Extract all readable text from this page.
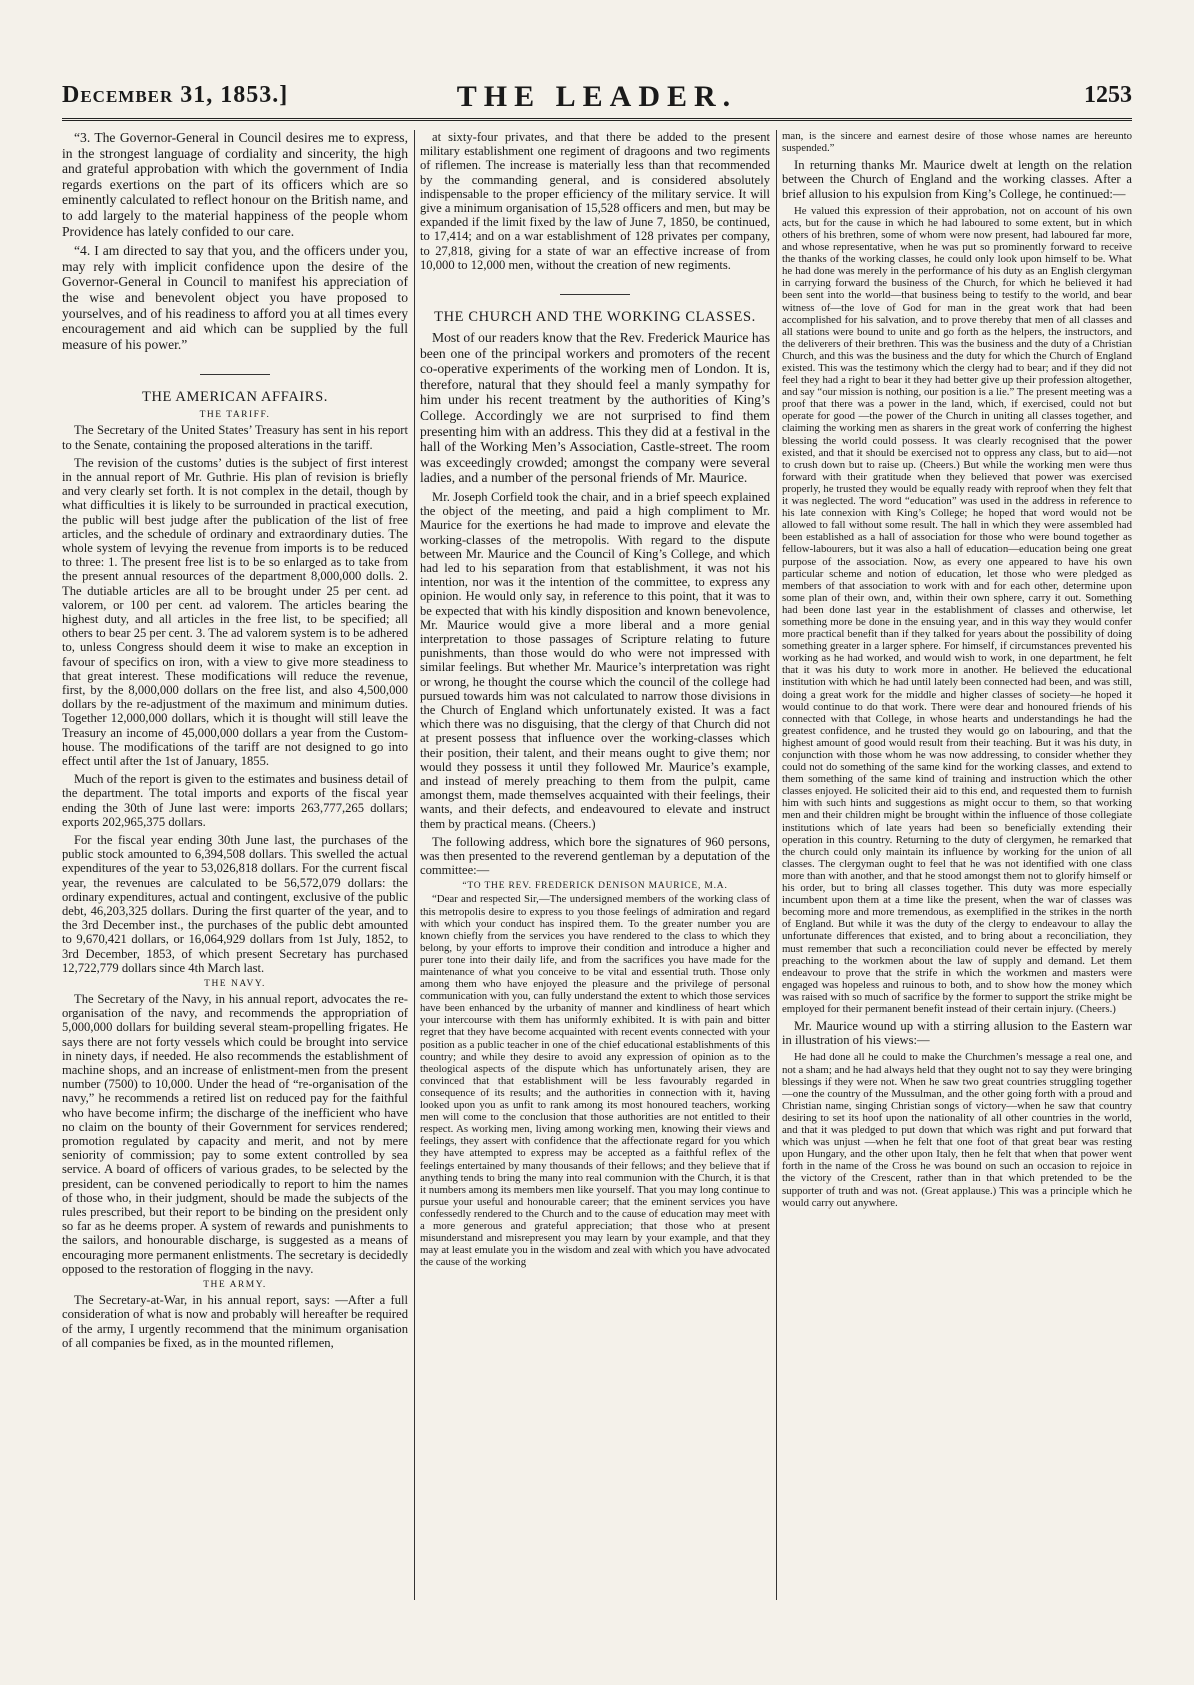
December 31, 1853.]	THE LEADER.	1253

“3. The Governor-General in Council desires me to express, in the strongest language of cordiality and sincerity, the high and grateful approbation with which the government of India regards exertions on the part of its officers which are so eminently calculated to reflect honour on the British name, and to add largely to the material happiness of the people whom Providence has lately confided to our care.

“4. I am directed to say that you, and the officers under you, may rely with implicit confidence upon the desire of the Governor-General in Council to manifest his appreciation of the wise and benevolent object you have proposed to yourselves, and of his readiness to afford you at all times every encouragement and aid which can be supplied by the full measure of his power.”

THE AMERICAN AFFAIRS.
THE TARIFF.

The Secretary of the United States’ Treasury has sent in his report to the Senate, containing the proposed alterations in the tariff.

The revision of the customs’ duties is the subject of first interest in the annual report of Mr. Guthrie. His plan of revision is briefly and very clearly set forth. It is not complex in the detail, though by what difficulties it is likely to be surrounded in practical execution, the public will best judge after the publication of the list of free articles, and the schedule of ordinary and extraordinary duties. The whole system of levying the revenue from imports is to be reduced to three: 1. The present free list is to be so enlarged as to take from the present annual resources of the department 8,000,000 dolls. 2. The dutiable articles are all to be brought under 25 per cent. ad valorem, or 100 per cent. ad valorem. The articles bearing the highest duty, and all articles in the free list, to be specified; all others to bear 25 per cent. 3. The ad valorem system is to be adhered to, unless Congress should deem it wise to make an exception in favour of specifics on iron, with a view to give more steadiness to that great interest. These modifications will reduce the revenue, first, by the 8,000,000 dollars on the free list, and also 4,500,000 dollars by the re-adjustment of the maximum and minimum duties. Together 12,000,000 dollars, which it is thought will still leave the Treasury an income of 45,000,000 dollars a year from the Custom-house. The modifications of the tariff are not designed to go into effect until after the 1st of January, 1855.

Much of the report is given to the estimates and business detail of the department. The total imports and exports of the fiscal year ending the 30th of June last were: imports 263,777,265 dollars; exports 202,965,375 dollars.

For the fiscal year ending 30th June last, the purchases of the public stock amounted to 6,394,508 dollars. This swelled the actual expenditures of the year to 53,026,818 dollars. For the current fiscal year, the revenues are calculated to be 56,572,079 dollars: the ordinary expenditures, actual and contingent, exclusive of the public debt, 46,203,325 dollars. During the first quarter of the year, and to the 3rd December inst., the purchases of the public debt amounted to 9,670,421 dollars, or 16,064,929 dollars from 1st July, 1852, to 3rd December, 1853, of which present Secretary has purchased 12,722,779 dollars since 4th March last.

THE NAVY.

The Secretary of the Navy, in his annual report, advocates the re-organisation of the navy, and recommends the appropriation of 5,000,000 dollars for building several steam-propelling frigates. He says there are not forty vessels which could be brought into service in ninety days, if needed. He also recommends the establishment of machine shops, and an increase of enlistment-men from the present number (7500) to 10,000. Under the head of “re-organisation of the navy,” he recommends a retired list on reduced pay for the faithful who have become infirm; the discharge of the inefficient who have no claim on the bounty of their Government for services rendered; promotion regulated by capacity and merit, and not by mere seniority of commission; pay to some extent controlled by sea service. A board of officers of various grades, to be selected by the president, can be convened periodically to report to him the names of those who, in their judgment, should be made the subjects of the rules prescribed, but their report to be binding on the president only so far as he deems proper. A system of rewards and punishments to the sailors, and honourable discharge, is suggested as a means of encouraging more permanent enlistments. The secretary is decidedly opposed to the restoration of flogging in the navy.

THE ARMY.

The Secretary-at-War, in his annual report, says: —After a full consideration of what is now and probably will hereafter be required of the army, I urgently recommend that the minimum organisation of all companies be fixed, as in the mounted riflemen,

at sixty-four privates, and that there be added to the present military establishment one regiment of dragoons and two regiments of riflemen. The increase is materially less than that recommended by the commanding general, and is considered absolutely indispensable to the proper efficiency of the military service. It will give a minimum organisation of 15,528 officers and men, but may be expanded if the limit fixed by the law of June 7, 1850, be continued, to 17,414; and on a war establishment of 128 privates per company, to 27,818, giving for a state of war an effective increase of from 10,000 to 12,000 men, without the creation of new regiments.

THE CHURCH AND THE WORKING CLASSES.

Most of our readers know that the Rev. Frederick Maurice has been one of the principal workers and promoters of the recent co-operative experiments of the working men of London. It is, therefore, natural that they should feel a manly sympathy for him under his recent treatment by the authorities of King’s College. Accordingly we are not surprised to find them presenting him with an address. This they did at a festival in the hall of the Working Men’s Association, Castle-street. The room was exceedingly crowded; amongst the company were several ladies, and a number of the personal friends of Mr. Maurice.

Mr. Joseph Corfield took the chair, and in a brief speech explained the object of the meeting, and paid a high compliment to Mr. Maurice for the exertions he had made to improve and elevate the working-classes of the metropolis. With regard to the dispute between Mr. Maurice and the Council of King’s College, and which had led to his separation from that establishment, it was not his intention, nor was it the intention of the committee, to express any opinion. He would only say, in reference to this point, that it was to be expected that with his kindly disposition and known benevolence, Mr. Maurice would give a more liberal and a more genial interpretation to those passages of Scripture relating to future punishments, than those would do who were not impressed with similar feelings. But whether Mr. Maurice’s interpretation was right or wrong, he thought the course which the council of the college had pursued towards him was not calculated to narrow those divisions in the Church of England which unfortunately existed. It was a fact which there was no disguising, that the clergy of that Church did not at present possess that influence over the working-classes which their position, their talent, and their means ought to give them; nor would they possess it until they followed Mr. Maurice’s example, and instead of merely preaching to them from the pulpit, came amongst them, made themselves acquainted with their feelings, their wants, and their defects, and endeavoured to elevate and instruct them by practical means. (Cheers.)

The following address, which bore the signatures of 960 persons, was then presented to the reverend gentleman by a deputation of the committee:—

“TO THE REV. FREDERICK DENISON MAURICE, M.A.

“Dear and respected Sir,—The undersigned members of the working class of this metropolis desire to express to you those feelings of admiration and regard with which your conduct has inspired them. To the greater number you are known chiefly from the services you have rendered to the class to which they belong, by your efforts to improve their condition and introduce a higher and purer tone into their daily life, and from the sacrifices you have made for the maintenance of what you conceive to be vital and essential truth. Those only among them who have enjoyed the pleasure and the privilege of personal communication with you, can fully understand the extent to which those services have been enhanced by the urbanity of manner and kindliness of heart which your intercourse with them has uniformly exhibited. It is with pain and bitter regret that they have become acquainted with recent events connected with your position as a public teacher in one of the chief educational establishments of this country; and while they desire to avoid any expression of opinion as to the theological aspects of the dispute which has unfortunately arisen, they are convinced that that establishment will be less favourably regarded in consequence of its results; and the authorities in connection with it, having looked upon you as unfit to rank among its most honoured teachers, working men will come to the conclusion that those authorities are not entitled to their respect. As working men, living among working men, knowing their views and feelings, they assert with confidence that the affectionate regard for you which they have attempted to express may be accepted as a faithful reflex of the feelings entertained by many thousands of their fellows; and they believe that if anything tends to bring the many into real communion with the Church, it is that it numbers among its members men like yourself. That you may long continue to pursue your useful and honourable career; that the eminent services you have confessedly rendered to the Church and to the cause of education may meet with a more generous and grateful appreciation; that those who at present misunderstand and misrepresent you may learn by your example, and that they may at least emulate you in the wisdom and zeal with which you have advocated the cause of the working

man, is the sincere and earnest desire of those whose names are hereunto suspended.”

In returning thanks Mr. Maurice dwelt at length on the relation between the Church of England and the working classes. After a brief allusion to his expulsion from King’s College, he continued:—

He valued this expression of their approbation, not on account of his own acts, but for the cause in which he had laboured to some extent, but in which others of his brethren, some of whom were now present, had laboured far more, and whose representative, when he was put so prominently forward to receive the thanks of the working classes, he could only look upon himself to be. What he had done was merely in the performance of his duty as an English clergyman in carrying forward the business of the Church, for which he believed it had been sent into the world—that business being to testify to the world, and bear witness of—the love of God for man in the great work that had been accomplished for his salvation, and to prove thereby that men of all classes and all stations were bound to unite and go forth as the helpers, the instructors, and the deliverers of their brethren. This was the business and the duty of a Christian Church, and this was the business and the duty for which the Church of England existed. This was the testimony which the clergy had to bear; and if they did not feel they had a right to bear it they had better give up their profession altogether, and say “our mission is nothing, our position is a lie.” The present meeting was a proof that there was a power in the land, which, if exercised, could not but operate for good —the power of the Church in uniting all classes together, and claiming the working men as sharers in the great work of conferring the highest blessing the world could possess. It was clearly recognised that the power existed, and that it should be exercised not to oppress any class, but to aid—not to crush down but to raise up. (Cheers.) But while the working men were thus forward with their gratitude when they believed that power was exercised properly, he trusted they would be equally ready with reproof when they felt that it was neglected. The word “education” was used in the address in reference to his late connexion with King’s College; he hoped that word would not be allowed to fall without some result. The hall in which they were assembled had been established as a hall of association for those who were bound together as fellow-labourers, but it was also a hall of education—education being one great purpose of the association. Now, as every one appeared to have his own particular scheme and notion of education, let those who were pledged as members of that association to work with and for each other, determine upon some plan of their own, and, within their own sphere, carry it out. Something had been done last year in the establishment of classes and otherwise, let something more be done in the ensuing year, and in this way they would confer more practical benefit than if they talked for years about the possibility of doing something greater in a larger sphere. For himself, if circumstances prevented his working as he had worked, and would wish to work, in one department, he felt that it was his duty to work more in another. He believed the educational institution with which he had until lately been connected had been, and was still, doing a great work for the middle and higher classes of society—he hoped it would continue to do that work. There were dear and honoured friends of his connected with that College, in whose hearts and understandings he had the greatest confidence, and he trusted they would go on labouring, and that the highest amount of good would result from their teaching. But it was his duty, in conjunction with those whom he was now addressing, to consider whether they could not do something of the same kind for the working classes, and extend to them something of the same kind of training and instruction which the other classes enjoyed. He solicited their aid to this end, and requested them to furnish him with such hints and suggestions as might occur to them, so that working men and their children might be brought within the influence of those collegiate institutions which of late years had been so beneficially extending their operation in this country. Returning to the duty of clergymen, he remarked that the church could only maintain its influence by working for the union of all classes. The clergyman ought to feel that he was not identified with one class more than with another, and that he stood amongst them not to glorify himself or his order, but to bring all classes together. This duty was more especially incumbent upon them at a time like the present, when the war of classes was becoming more and more tremendous, as exemplified in the strikes in the north of England. But while it was the duty of the clergy to endeavour to allay the unfortunate differences that existed, and to bring about a reconciliation, they must remember that such a reconciliation could never be effected by merely preaching to the workmen about the law of supply and demand. Let them endeavour to prove that the strife in which the workmen and masters were engaged was hopeless and ruinous to both, and to show how the money which was raised with so much of sacrifice by the former to support the strike might be employed for their permanent benefit instead of their certain injury. (Cheers.)

Mr. Maurice wound up with a stirring allusion to the Eastern war in illustration of his views:—

He had done all he could to make the Churchmen’s message a real one, and not a sham; and he had always held that they ought not to say they were bringing blessings if they were not. When he saw two great countries struggling together—one the country of the Mussulman, and the other going forth with a proud and Christian name, singing Christian songs of victory—when he saw that country desiring to set its hoof upon the nationality of all other countries in the world, and that it was pledged to put down that which was right and put forward that which was unjust —when he felt that one foot of that great bear was resting upon Hungary, and the other upon Italy, then he felt that when that power went forth in the name of the Cross he was bound on such an occasion to rejoice in the victory of the Crescent, rather than in that which pretended to be the supporter of truth and was not. (Great applause.) This was a principle which he would carry out anywhere.
